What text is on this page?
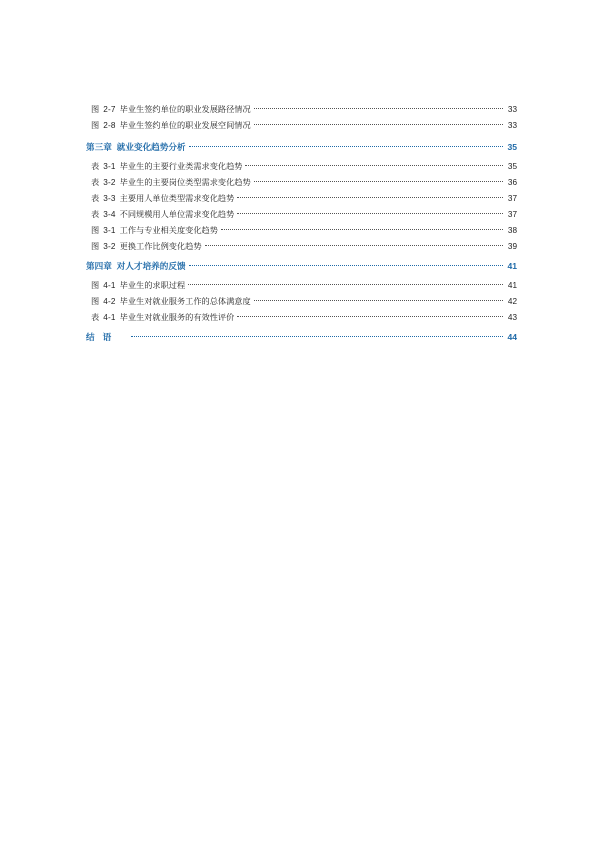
图 2-7 毕业生签约单位的职业发展路径情况	33
图 2-8 毕业生签约单位的职业发展空间情况	33
第三章 就业变化趋势分析	35
表 3-1 毕业生的主要行业类需求变化趋势	35
表 3-2 毕业生的主要岗位类型需求变化趋势	36
表 3-3 主要用人单位类型需求变化趋势	37
表 3-4 不同规模用人单位需求变化趋势	37
图 3-1 工作与专业相关度变化趋势	38
图 3-2 更换工作比例变化趋势	39
第四章 对人才培养的反馈	41
图 4-1 毕业生的求职过程	41
图 4-2 毕业生对就业服务工作的总体满意度	42
表 4-1 毕业生对就业服务的有效性评价	43
结语	44
